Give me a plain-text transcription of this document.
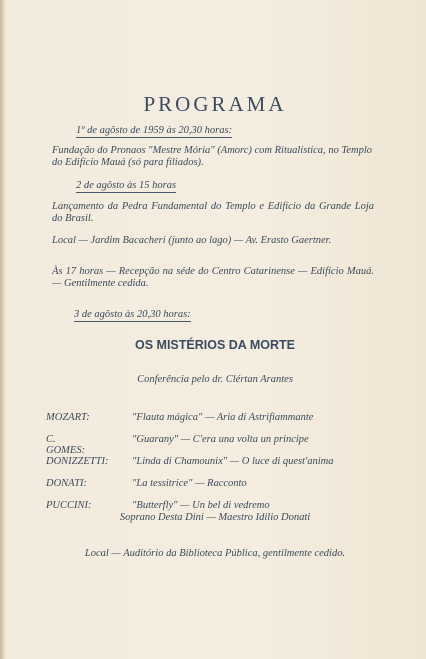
PROGRAMA
1º de agôsto de 1959 às 20,30 horas:
Fundação do Pronaos "Mestre Mória" (Amorc) com Ritualística, no Templo do Edifício Mauá (só para filiados).
2 de agôsto às 15 horas
Lançamento da Pedra Fundamental do Templo e Edifício da Grande Loja do Brasil.
Local — Jardim Bacacheri (junto ao lago) — Av. Erasto Gaertner.
Às 17 horas — Recepção na séde do Centro Catarinense — Edifício Mauá. — Gentilmente cedida.
3 de agôsto às 20,30 horas:
OS MISTÉRIOS DA MORTE
Conferência pelo dr. Clértan Arantes
MOZART:	"Flauta mágica" — Aria di Astrifiammante
C. GOMES:
"Guarany" — C'era una volta un principe
DONIZZETTI: "Linda di Chamounix" — O luce di quest'anima
DONATI:	"La tessitrice" — Racconto
PUCCINI:	"Butterfly" — Un bel di vedremo
Soprano Desta Dini — Maestro Idilio Donati
Local — Auditório da Biblioteca Pública, gentilmente cedido.
